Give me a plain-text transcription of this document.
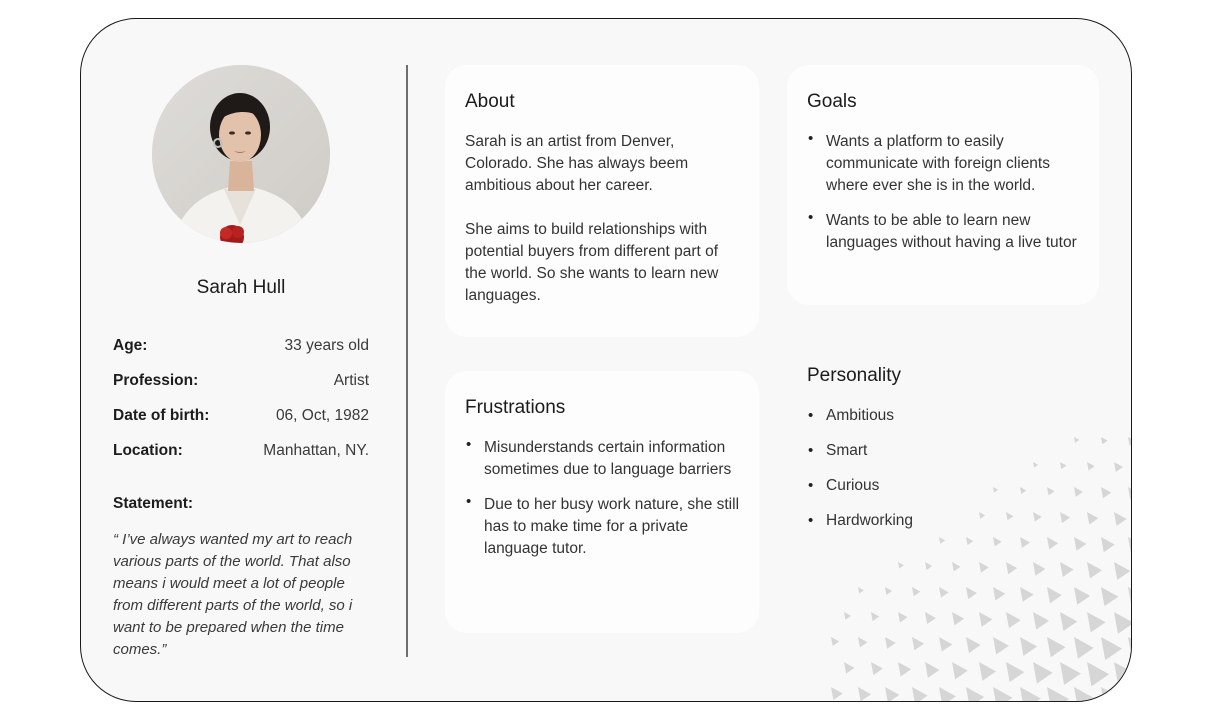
Sarah Hull
Age:	33 years old
Profession:	Artist
Date of birth:	06, Oct, 1982
Location:	Manhattan, NY.
Statement:

“ I’ve always wanted my art to reach various parts of the world. That also means i would meet a lot of people from different parts of the world, so i want to be prepared when the time comes.”

About

Sarah is an artist from Denver, Colorado. She has always beem ambitious about her career.

She aims to build relationships with potential buyers from different part of the world. So she wants to learn new languages.

Goals
• Wants a platform to easily communicate with foreign clients where ever she is in the world.
• Wants to be able to learn new languages without having a live tutor
Frustrations
• Misunderstands certain information sometimes due to language barriers
• Due to her busy work nature, she still has to make time for a private language tutor.
Personality
• Ambitious
• Smart
• Curious
• Hardworking
